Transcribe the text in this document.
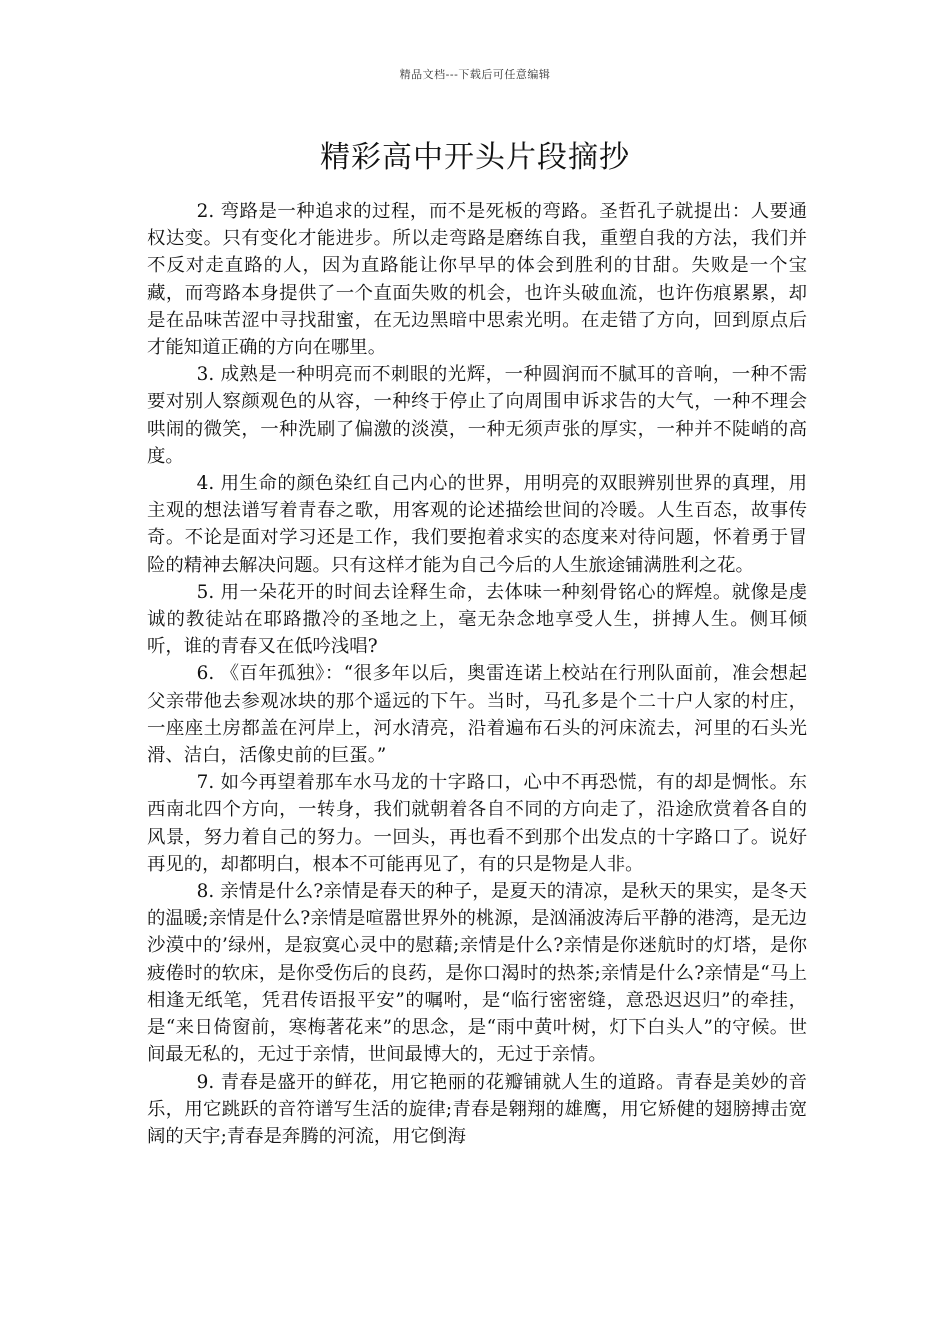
精品文档---下载后可任意编辑
精彩高中开头片段摘抄

2. 弯路是一种追求的过程，而不是死板的弯路。圣哲孔子就提出：人要通权达变。只有变化才能进步。所以走弯路是磨练自我，重塑自我的方法，我们并不反对走直路的人，因为直路能让你早早的体会到胜利的甘甜。失败是一个宝藏，而弯路本身提供了一个直面失败的机会，也许头破血流，也许伤痕累累，却是在品味苦涩中寻找甜蜜，在无边黑暗中思索光明。在走错了方向，回到原点后才能知道正确的方向在哪里。

3. 成熟是一种明亮而不刺眼的光辉，一种圆润而不腻耳的音响，一种不需要对别人察颜观色的从容，一种终于停止了向周围申诉求告的大气，一种不理会哄闹的微笑，一种洗刷了偏激的淡漠，一种无须声张的厚实，一种并不陡峭的高度。

4. 用生命的颜色染红自己内心的世界，用明亮的双眼辨别世界的真理，用主观的想法谱写着青春之歌，用客观的论述描绘世间的冷暖。人生百态，故事传奇。不论是面对学习还是工作，我们要抱着求实的态度来对待问题，怀着勇于冒险的精神去解决问题。只有这样才能为自己今后的人生旅途铺满胜利之花。

5. 用一朵花开的时间去诠释生命，去体味一种刻骨铭心的辉煌。就像是虔诚的教徒站在耶路撒冷的圣地之上，毫无杂念地享受人生，拼搏人生。侧耳倾听，谁的青春又在低吟浅唱?

6. 《百年孤独》：“很多年以后，奥雷连诺上校站在行刑队面前，准会想起父亲带他去参观冰块的那个遥远的下午。当时，马孔多是个二十户人家的村庄，一座座土房都盖在河岸上，河水清亮，沿着遍布石头的河床流去，河里的石头光滑、洁白，活像史前的巨蛋。”

7. 如今再望着那车水马龙的十字路口，心中不再恐慌，有的却是惆怅。东西南北四个方向，一转身，我们就朝着各自不同的方向走了，沿途欣赏着各自的风景，努力着自己的努力。一回头，再也看不到那个出发点的十字路口了。说好再见的，却都明白，根本不可能再见了，有的只是物是人非。

8. 亲情是什么?亲情是春天的种子，是夏天的清凉，是秋天的果实，是冬天的温暖;亲情是什么?亲情是喧嚣世界外的桃源，是汹涌波涛后平静的港湾，是无边沙漠中的’绿州，是寂寞心灵中的慰藉;亲情是什么?亲情是你迷航时的灯塔，是你疲倦时的软床，是你受伤后的良药，是你口渴时的热茶;亲情是什么?亲情是“马上相逢无纸笔，凭君传语报平安”的嘱咐，是“临行密密缝，意恐迟迟归”的牵挂，是“来日倚窗前，寒梅著花来”的思念，是“雨中黄叶树，灯下白头人”的守候。世间最无私的，无过于亲情，世间最博大的，无过于亲情。

9. 青春是盛开的鲜花，用它艳丽的花瓣铺就人生的道路。青春是美妙的音乐，用它跳跃的音符谱写生活的旋律;青春是翱翔的雄鹰，用它矫健的翅膀搏击宽阔的天宇;青春是奔腾的河流，用它倒海
